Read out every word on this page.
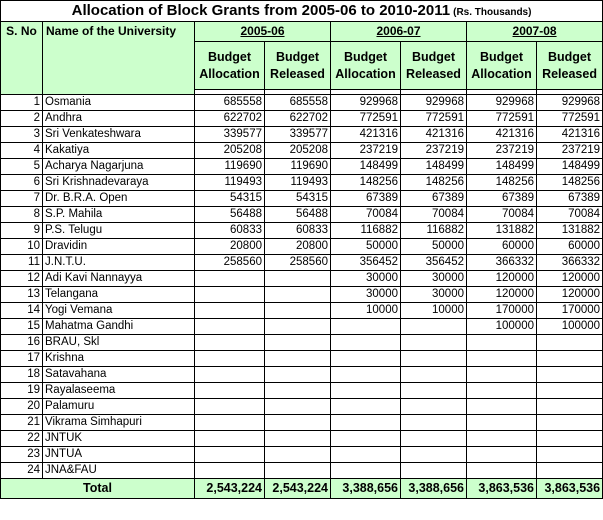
Allocation of Block Grants from 2005-06 to 2010-2011 (Rs. Thousands)							
S. No	Name of the University	2005-06		2006-07		2007-08	
		Budget Allocation	Budget Released	Budget Allocation	Budget Released	Budget Allocation	Budget Released

1	Osmania	685558	685558	929968	929968	929968	929968
2	Andhra	622702	622702	772591	772591	772591	772591
3	Sri Venkateshwara	339577	339577	421316	421316	421316	421316
4	Kakatiya	205208	205208	237219	237219	237219	237219
5	Acharya Nagarjuna	119690	119690	148499	148499	148499	148499
6	Sri Krishnadevaraya	119493	119493	148256	148256	148256	148256
7	Dr. B.R.A. Open	54315	54315	67389	67389	67389	67389
8	S.P. Mahila	56488	56488	70084	70084	70084	70084
9	P.S. Telugu	60833	60833	116882	116882	131882	131882
10	Dravidin	20800	20800	50000	50000	60000	60000
11	J.N.T.U.	258560	258560	356452	356452	366332	366332
12	Adi Kavi Nannayya			30000	30000	120000	120000
13	Telangana			30000	30000	120000	120000
14	Yogi Vemana			10000	10000	170000	170000
15	Mahatma Gandhi					100000	100000
16	BRAU, Skl						
17	Krishna						
18	Satavahana						
19	Rayalaseema						
20	Palamuru						
21	Vikrama Simhapuri						
22	JNTUK						
23	JNTUA						
24	JNA&FAU						
Total		2,543,224	2,543,224	3,388,656	3,388,656	3,863,536	3,863,536
